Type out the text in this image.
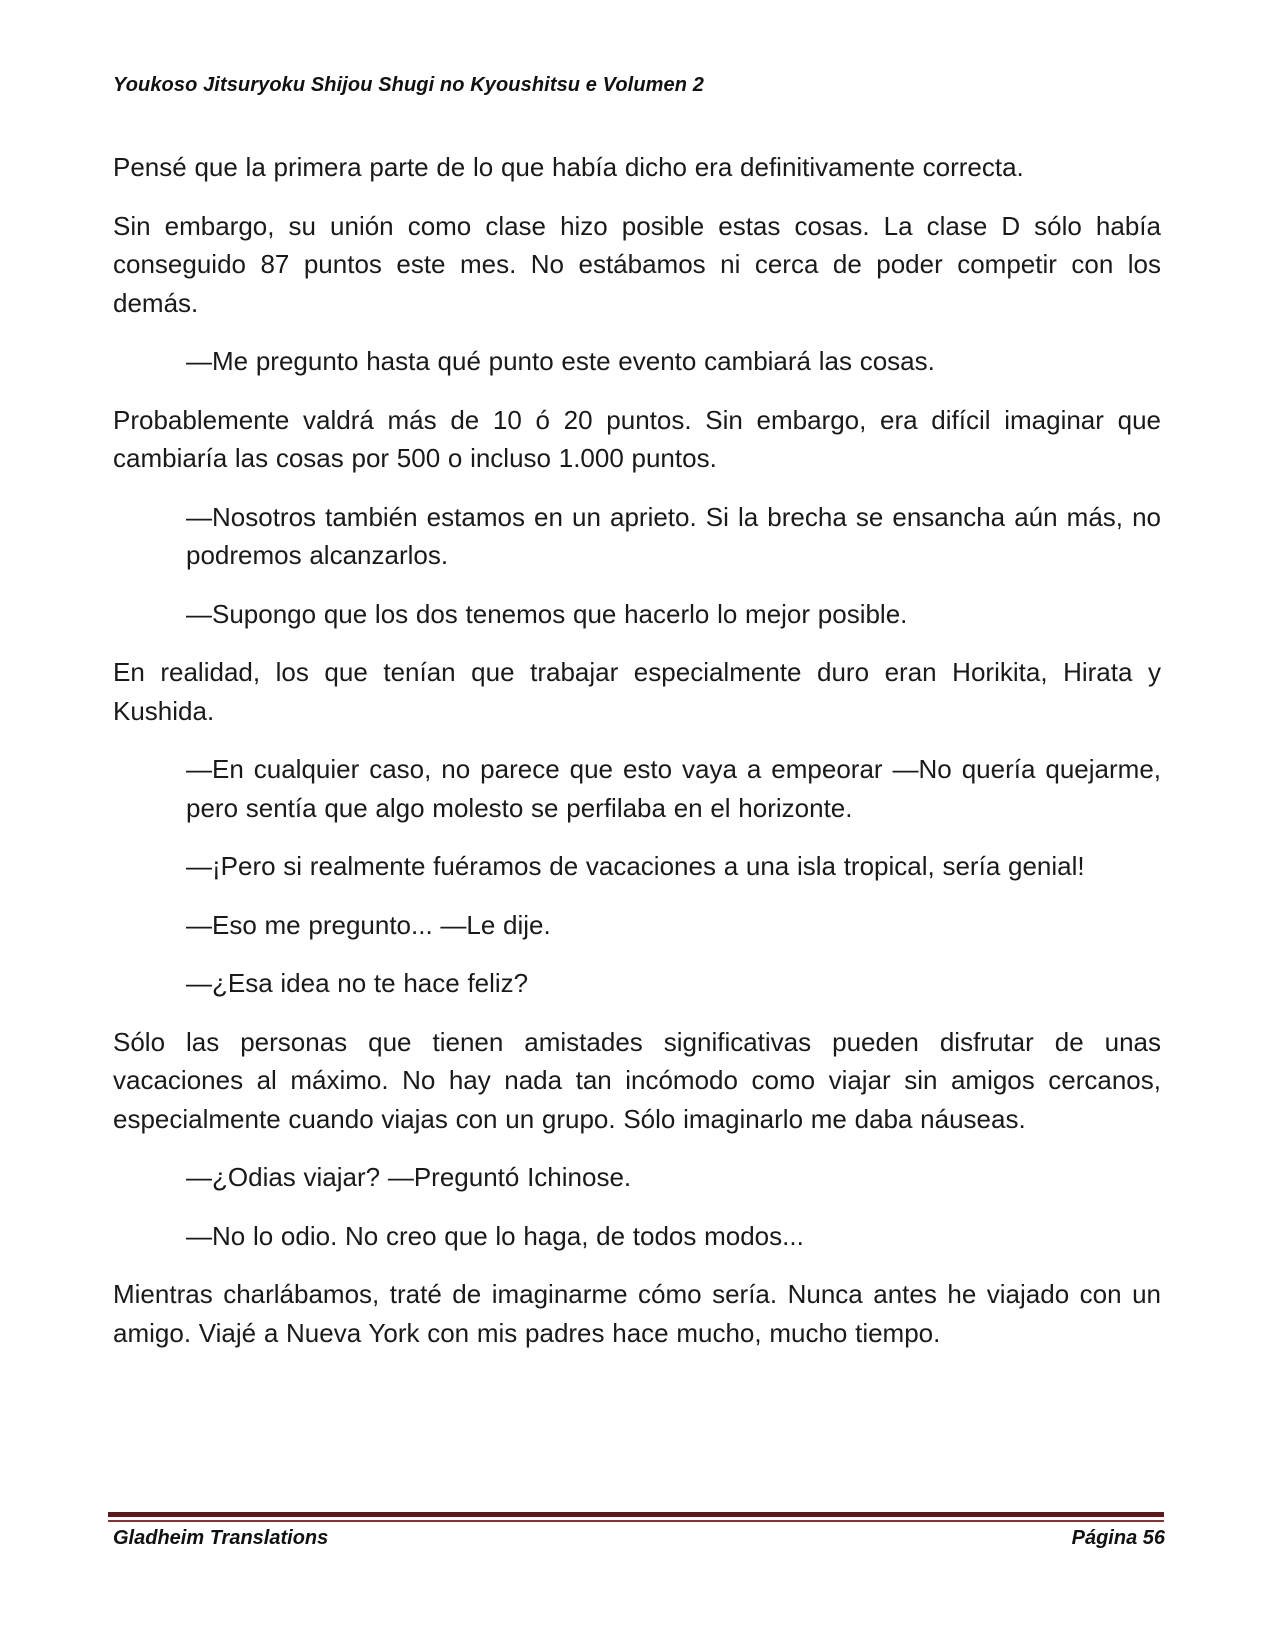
Youkoso Jitsuryoku Shijou Shugi no Kyoushitsu e Volumen 2

Pensé que la primera parte de lo que había dicho era definitivamente correcta.

Sin embargo, su unión como clase hizo posible estas cosas. La clase D sólo había conseguido 87 puntos este mes. No estábamos ni cerca de poder competir con los demás.

—Me pregunto hasta qué punto este evento cambiará las cosas.

Probablemente valdrá más de 10 ó 20 puntos. Sin embargo, era difícil imaginar que cambiaría las cosas por 500 o incluso 1.000 puntos.

—Nosotros también estamos en un aprieto. Si la brecha se ensancha aún más, no podremos alcanzarlos.

—Supongo que los dos tenemos que hacerlo lo mejor posible.

En realidad, los que tenían que trabajar especialmente duro eran Horikita, Hirata y Kushida.

—En cualquier caso, no parece que esto vaya a empeorar —No quería quejarme, pero sentía que algo molesto se perfilaba en el horizonte.

—¡Pero si realmente fuéramos de vacaciones a una isla tropical, sería genial!

—Eso me pregunto... —Le dije.

—¿Esa idea no te hace feliz?

Sólo las personas que tienen amistades significativas pueden disfrutar de unas vacaciones al máximo. No hay nada tan incómodo como viajar sin amigos cercanos, especialmente cuando viajas con un grupo. Sólo imaginarlo me daba náuseas.

—¿Odias viajar? —Preguntó Ichinose.

—No lo odio. No creo que lo haga, de todos modos...

Mientras charlábamos, traté de imaginarme cómo sería. Nunca antes he viajado con un amigo. Viajé a Nueva York con mis padres hace mucho, mucho tiempo.

Gladheim Translations	Página 56
